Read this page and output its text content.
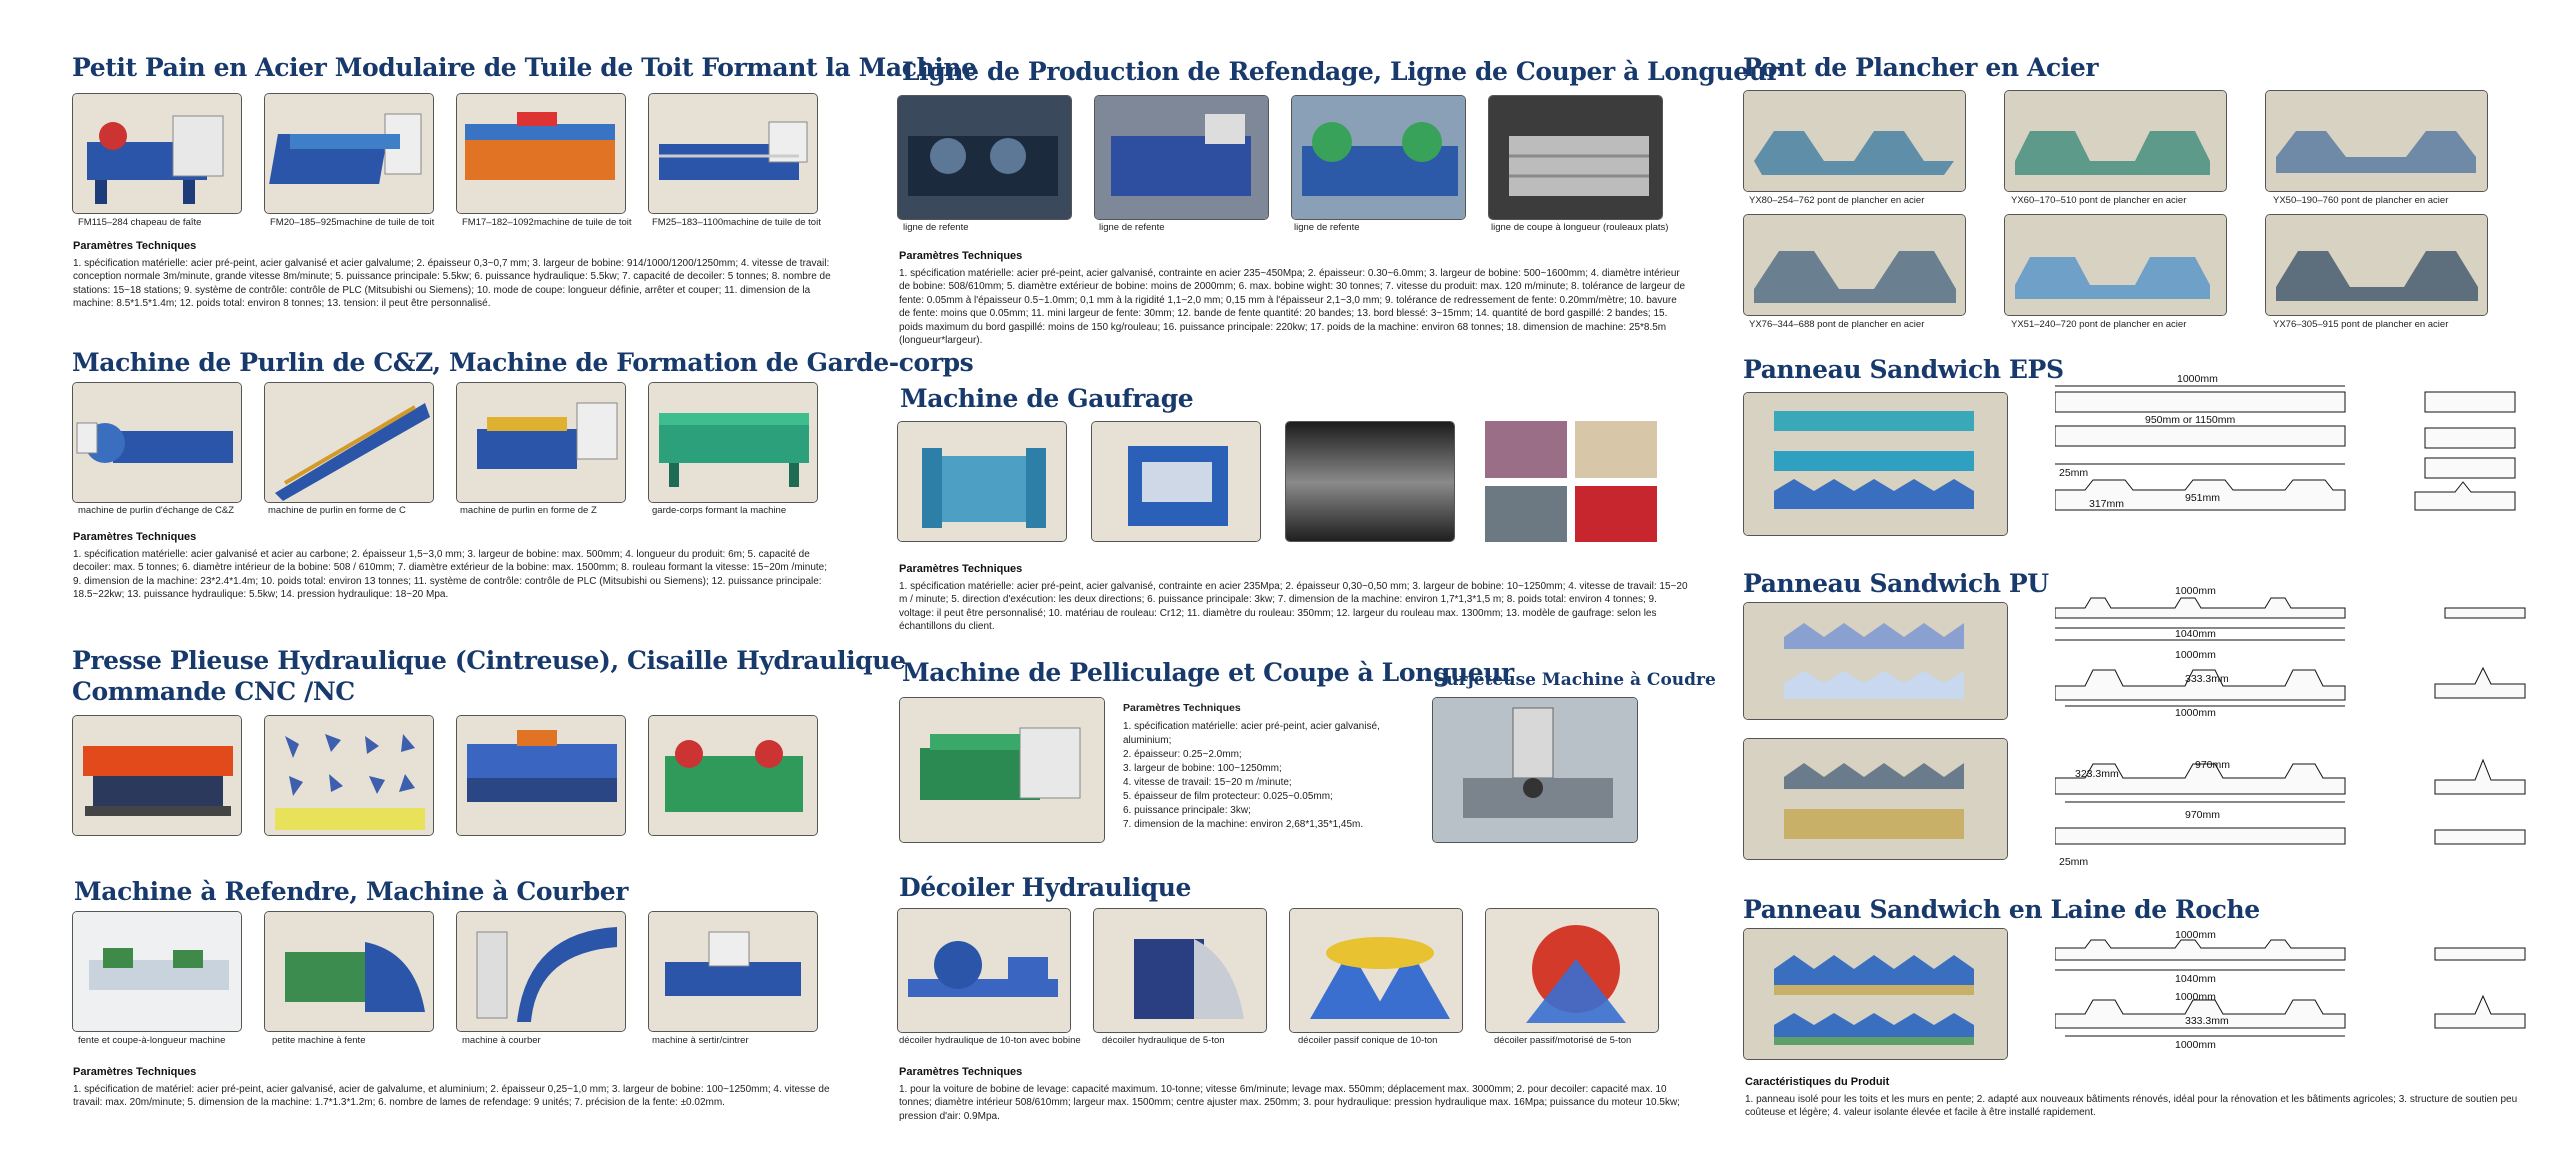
Petit Pain en Acier Modulaire de Tuile de Toit Formant la Machine
FM115–284 chapeau de faîte	FM20–185–925machine de tuile de toit	FM17–182–1092machine de tuile de toit FM25–183–1100machine de tuile de toit
Paramètres Techniques
1. spécification matérielle: acier pré-peint, acier galvanisé et acier galvalume; 2. épaisseur 0,3~0,7 mm; 3. largeur de bobine: 914/1000/1200/1250mm; 4. vitesse de travail: conception normale 3m/minute, grande vitesse 8m/minute; 5. puissance principale: 5.5kw; 6. puissance hydraulique: 5.5kw; 7. capacité de decoiler: 5 tonnes; 8. nombre de stations: 15~18 stations; 9. système de contrôle: contrôle de PLC (Mitsubishi ou Siemens); 10. mode de coupe: longueur définie, arrêter et couper; 11. dimension de la machine: 8.5*1.5*1.4m; 12. poids total: environ 8 tonnes; 13. tension: il peut être personnalisé.
Machine de Purlin de C&Z, Machine de Formation de Garde-corps
machine de purlin d'échange de C&Z	machine de purlin en forme de C	machine de purlin en forme de Z	garde-corps formant la machine
Paramètres Techniques
1. spécification matérielle: acier galvanisé et acier au carbone; 2. épaisseur 1,5~3,0 mm; 3. largeur de bobine: max. 500mm; 4. longueur du produit: 6m; 5. capacité de decoiler: max. 5 tonnes; 6. diamètre intérieur de la bobine: 508 / 610mm; 7. diamètre extérieur de la bobine: max. 1500mm; 8. rouleau formant la vitesse: 15~20m /minute; 9. dimension de la machine: 23*2.4*1.4m; 10. poids total: environ 13 tonnes; 11. système de contrôle: contrôle de PLC (Mitsubishi ou Siemens); 12. puissance principale: 18.5~22kw; 13. puissance hydraulique: 5.5kw; 14. pression hydraulique: 18~20 Mpa.
Presse Plieuse Hydraulique (Cintreuse), Cisaille Hydraulique
Commande CNC /NC
Machine à Refendre, Machine à Courber
fente et coupe-à-longueur machine	petite machine à fente	machine à courber	machine à sertir/cintrer
Paramètres Techniques
1. spécification de matériel: acier pré-peint, acier galvanisé, acier de galvalume, et aluminium; 2. épaisseur 0,25~1,0 mm; 3. largeur de bobine: 100~1250mm; 4. vitesse de travail: max. 20m/minute; 5. dimension de la machine: 1.7*1.3*1.2m; 6. nombre de lames de refendage: 9 unités; 7. précision de la fente: ±0.02mm.
Ligne de Production de Refendage, Ligne de Couper à Longueur
ligne de refente	ligne de refente	ligne de refente	ligne de coupe à longueur (rouleaux plats)
Paramètres Techniques
1. spécification matérielle: acier pré-peint, acier galvanisé, contrainte en acier 235~450Mpa; 2. épaisseur: 0.30~6.0mm; 3. largeur de bobine: 500~1600mm; 4. diamètre intérieur de bobine: 508/610mm; 5. diamètre extérieur de bobine: moins de 2000mm; 6. max. bobine wight: 30 tonnes; 7. vitesse du produit: max. 120 m/minute; 8. tolérance de largeur de fente: 0.05mm à l'épaisseur 0.5~1.0mm; 0,1 mm à la rigidité 1,1~2,0 mm; 0,15 mm à l'épaisseur 2,1~3,0 mm; 9. tolérance de redressement de fente: 0.20mm/mètre; 10. bavure de fente: moins que 0.05mm; 11. mini largeur de fente: 30mm; 12. bande de fente quantité: 20 bandes; 13. bord blessé: 3~15mm; 14. quantité de bord gaspillé: 2 bandes; 15. poids maximum du bord gaspillé: moins de 150 kg/rouleau; 16. puissance principale: 220kw; 17. poids de la machine: environ 68 tonnes; 18. dimension de machine: 25*8.5m (longueur*largeur).
Machine de Gaufrage
Paramètres Techniques
1. spécification matérielle: acier pré-peint, acier galvanisé, contrainte en acier 235Mpa; 2. épaisseur 0,30~0,50 mm; 3. largeur de bobine: 10~1250mm; 4. vitesse de travail: 15~20 m / minute; 5. direction d'exécution: les deux directions; 6. puissance principale: 3kw; 7. dimension de la machine: environ 1,7*1,3*1,5 m; 8. poids total: environ 4 tonnes; 9. voltage: il peut être personnalisé; 10. matériau de rouleau: Cr12; 11. diamètre du rouleau: 350mm; 12. largeur du rouleau max. 1300mm; 13. modèle de gaufrage: selon les échantillons du client.
Machine de Pelliculage et Coupe à Longueur
Paramètres Techniques
1. spécification matérielle: acier pré-peint, acier galvanisé,
aluminium;
2. épaisseur: 0.25~2.0mm;
3. largeur de bobine: 100~1250mm;
4. vitesse de travail: 15~20 m /minute;
5. épaisseur de film protecteur: 0.025~0.05mm;
6. puissance principale: 3kw;
7. dimension de la machine: environ 2,68*1,35*1,45m.
Surjeteuse Machine à Coudre
Décoiler Hydraulique
décoiler hydraulique de 10-ton avec bobine décoiler hydraulique de 5-ton	décoiler passif conique de 10-ton	décoiler passif/motorisé de 5-ton
Paramètres Techniques
1. pour la voiture de bobine de levage: capacité maximum. 10-tonne; vitesse 6m/minute; levage max. 550mm; déplacement max. 3000mm; 2. pour decoiler: capacité max. 10 tonnes; diamètre intérieur 508/610mm; largeur max. 1500mm; centre ajuster max. 250mm; 3. pour hydraulique: pression hydraulique max. 16Mpa; puissance du moteur 10.5kw; pression d'air: 0.9Mpa.
Pont de Plancher en Acier
YX80–254–762 pont de plancher en acier	YX60–170–510 pont de plancher en acier	YX50–190–760 pont de plancher en acier
YX76–344–688 pont de plancher en acier	YX51–240–720 pont de plancher en acier	YX76–305–915 pont de plancher en acier
Panneau Sandwich EPS	1000mm
950mm or 1150mm
25mm
317mm	951mm
Panneau Sandwich PU	1000mm
1040mm
1000mm
333.3mm
1000mm
323.3mm
970mm
970mm
25mm
Panneau Sandwich en Laine de Roche
1000mm
1040mm
1000mm
333.3mm
1000mm
Caractéristiques du Produit
1. panneau isolé pour les toits et les murs en pente; 2. adapté aux nouveaux bâtiments rénovés, idéal pour la rénovation et les bâtiments agricoles; 3. structure de soutien peu coûteuse et légère; 4. valeur isolante élevée et facile à être installé rapidement.
